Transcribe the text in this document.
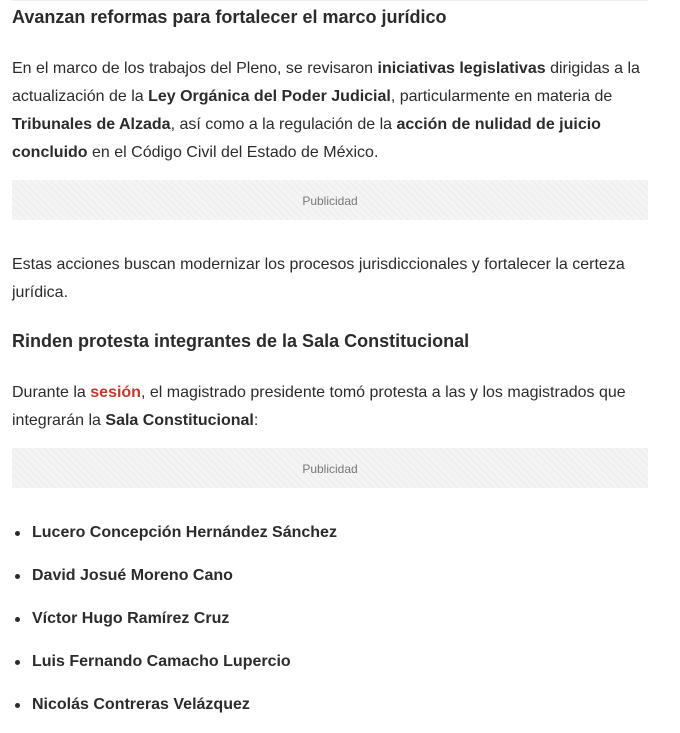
Avanzan reformas para fortalecer el marco jurídico

En el marco de los trabajos del Pleno, se revisaron iniciativas legislativas dirigidas a la actualización de la Ley Orgánica del Poder Judicial, particularmente en materia de Tribunales de Alzada, así como a la regulación de la acción de nulidad de juicio concluido en el Código Civil del Estado de México.

Publicidad

Estas acciones buscan modernizar los procesos jurisdiccionales y fortalecer la certeza jurídica.

Rinden protesta integrantes de la Sala Constitucional

Durante la sesión, el magistrado presidente tomó protesta a las y los magistrados que integrarán la Sala Constitucional:

Publicidad
Lucero Concepción Hernández Sánchez
David Josué Moreno Cano
Víctor Hugo Ramírez Cruz
Luis Fernando Camacho Lupercio
Nicolás Contreras Velázquez
